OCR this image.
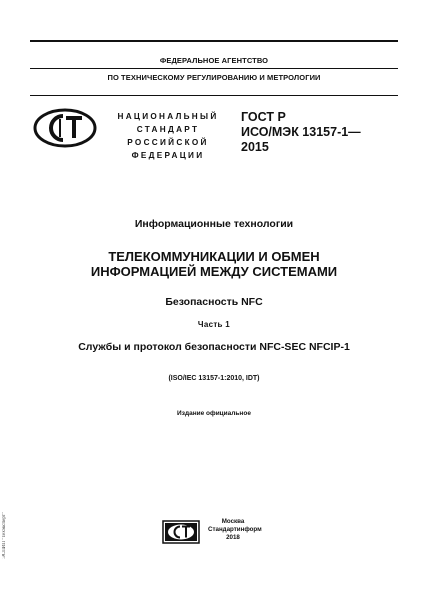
ФЕДЕРАЛЬНОЕ АГЕНТСТВО
ПО ТЕХНИЧЕСКОМУ РЕГУЛИРОВАНИЮ И МЕТРОЛОГИИ
НАЦИОНАЛЬНЫЙ
СТАНДАРТ
РОССИЙСКОЙ
ФЕДЕРАЦИИ
ГОСТ Р
ИСО/МЭК 13157-1—
2015
Информационные технологии
ТЕЛЕКОММУНИКАЦИИ И ОБМЕН
ИНФОРМАЦИЕЙ МЕЖДУ СИСТЕМАМИ
Безопасность NFC
Часть 1
Службы и протокол безопасности NFC-SEC NFCIP-1
(ISO/IEC 13157-1:2010, IDT)
Издание официальное
Москва
Стандартинформ
2018
ЭСПИП "Техэксперт"
